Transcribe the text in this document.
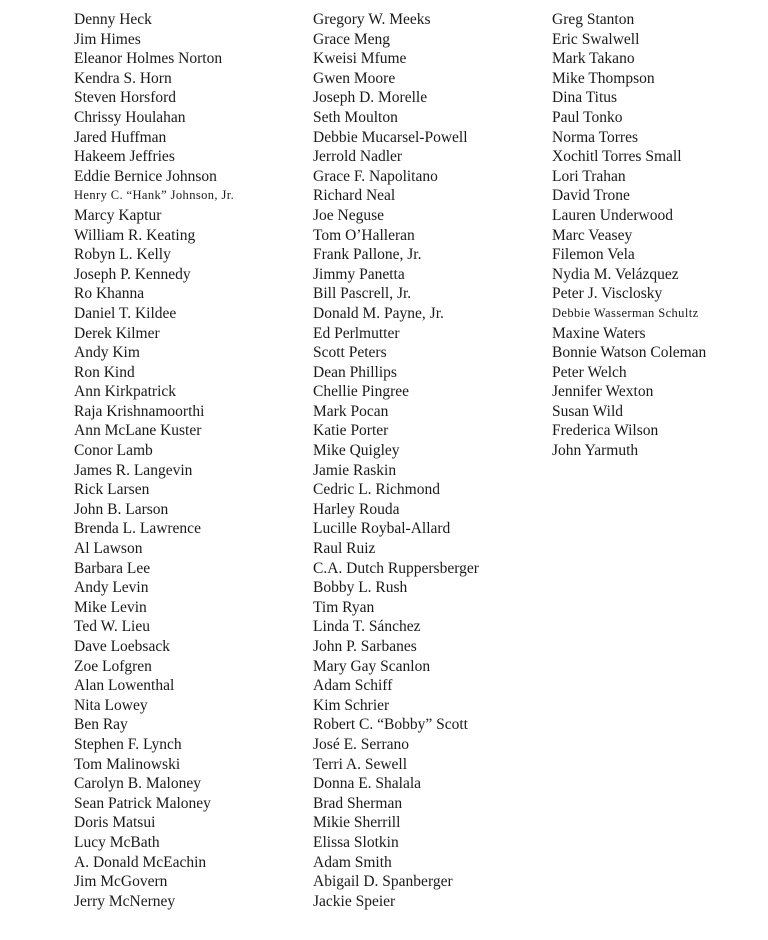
Denny Heck
Jim Himes
Eleanor Holmes Norton
Kendra S. Horn
Steven Horsford
Chrissy Houlahan
Jared Huffman
Hakeem Jeffries
Eddie Bernice Johnson
Henry C. “Hank” Johnson, Jr.
Marcy Kaptur
William R. Keating
Robyn L. Kelly
Joseph P. Kennedy
Ro Khanna
Daniel T. Kildee
Derek Kilmer
Andy Kim
Ron Kind
Ann Kirkpatrick
Raja Krishnamoorthi
Ann McLane Kuster
Conor Lamb
James R. Langevin
Rick Larsen
John B. Larson
Brenda L. Lawrence
Al Lawson
Barbara Lee
Andy Levin
Mike Levin
Ted W. Lieu
Dave Loebsack
Zoe Lofgren
Alan Lowenthal
Nita Lowey
Ben Ray
Stephen F. Lynch
Tom Malinowski
Carolyn B. Maloney
Sean Patrick Maloney
Doris Matsui
Lucy McBath
A. Donald McEachin
Jim McGovern
Jerry McNerney
Gregory W. Meeks
Grace Meng
Kweisi Mfume
Gwen Moore
Joseph D. Morelle
Seth Moulton
Debbie Mucarsel-Powell
Jerrold Nadler
Grace F. Napolitano
Richard Neal
Joe Neguse
Tom O’Halleran
Frank Pallone, Jr.
Jimmy Panetta
Bill Pascrell, Jr.
Donald M. Payne, Jr.
Ed Perlmutter
Scott Peters
Dean Phillips
Chellie Pingree
Mark Pocan
Katie Porter
Mike Quigley
Jamie Raskin
Cedric L. Richmond
Harley Rouda
Lucille Roybal-Allard
Raul Ruiz
C.A. Dutch Ruppersberger
Bobby L. Rush
Tim Ryan
Linda T. Sánchez
John P. Sarbanes
Mary Gay Scanlon
Adam Schiff
Kim Schrier
Robert C. “Bobby” Scott
José E. Serrano
Terri A. Sewell
Donna E. Shalala
Brad Sherman
Mikie Sherrill
Elissa Slotkin
Adam Smith
Abigail D. Spanberger
Jackie Speier
Greg Stanton
Eric Swalwell
Mark Takano
Mike Thompson
Dina Titus
Paul Tonko
Norma Torres
Xochitl Torres Small
Lori Trahan
David Trone
Lauren Underwood
Marc Veasey
Filemon Vela
Nydia M. Velázquez
Peter J. Visclosky
Debbie Wasserman Schultz
Maxine Waters
Bonnie Watson Coleman
Peter Welch
Jennifer Wexton
Susan Wild
Frederica Wilson
John Yarmuth
